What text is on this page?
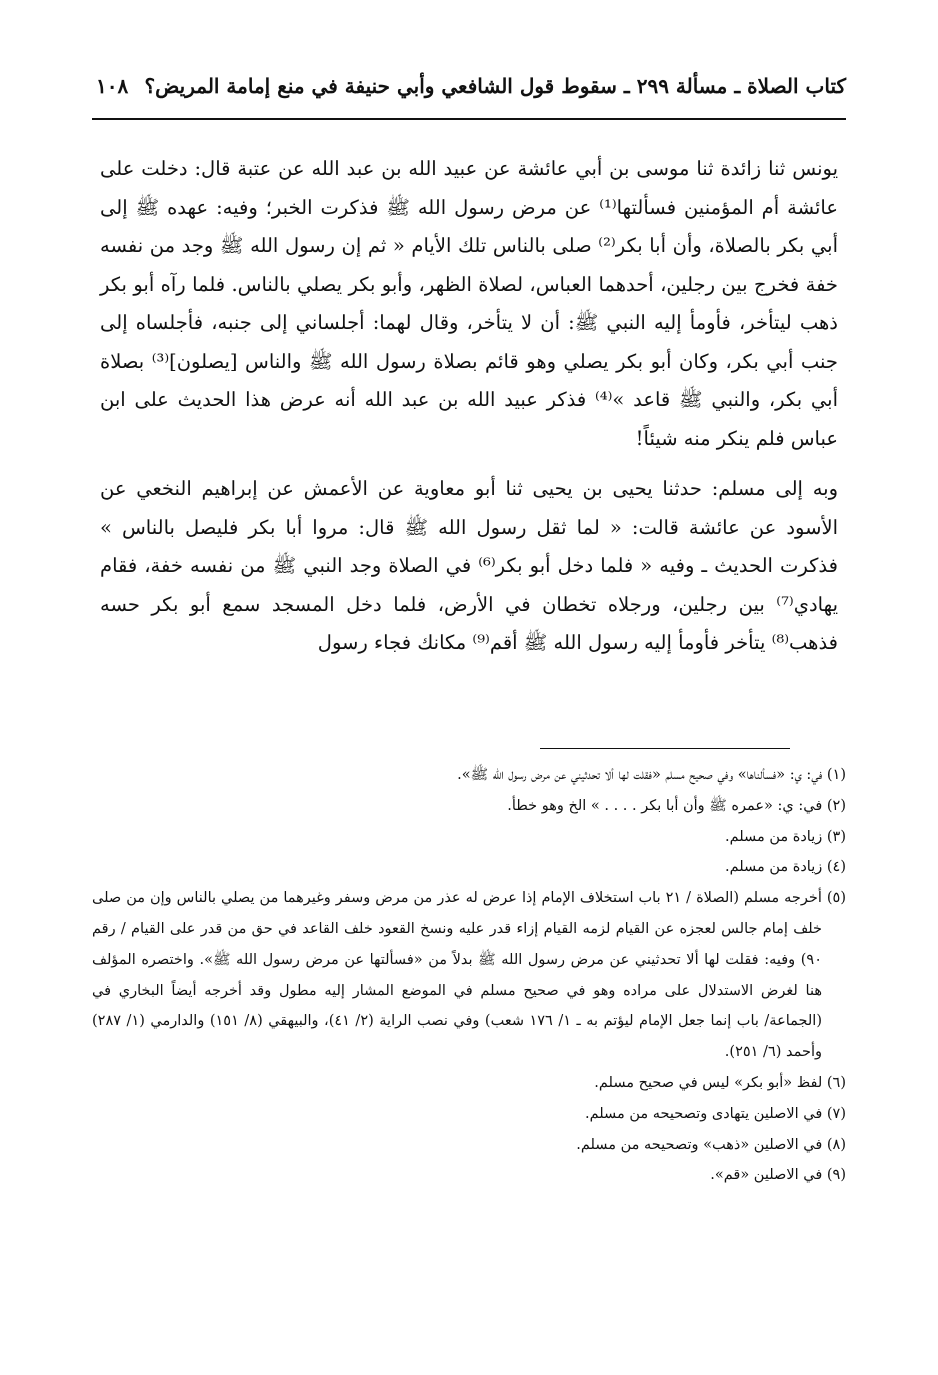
كتاب الصلاة ـ مسألة ٢٩٩ ـ سقوط قول الشافعي وأبي حنيفة في منع إمامة المريض؟
١٠٨

يونس ثنا زائدة ثنا موسى بن أبي عائشة عن عبيد الله بن عبد الله عن عتبة قال: دخلت على عائشة أم المؤمنين فسألتها⁽¹⁾ عن مرض رسول الله ﷺ فذكرت الخبر؛ وفيه: عهده ﷺ إلى أبي بكر بالصلاة، وأن أبا بكر⁽²⁾ صلى بالناس تلك الأيام « ثم إن رسول الله ﷺ وجد من نفسه خفة فخرج بين رجلين، أحدهما العباس، لصلاة الظهر، وأبو بكر يصلي بالناس. فلما رآه أبو بكر ذهب ليتأخر، فأومأ إليه النبي ﷺ: أن لا يتأخر، وقال لهما: أجلساني إلى جنبه، فأجلساه إلى جنب أبي بكر، وكان أبو بكر يصلي وهو قائم بصلاة رسول الله ﷺ والناس [يصلون]⁽³⁾ بصلاة أبي بكر، والنبي ﷺ قاعد »⁽⁴⁾ فذكر عبيد الله بن عبد الله أنه عرض هذا الحديث على ابن عباس فلم ينكر منه شيئاً!

وبه إلى مسلم: حدثنا يحيى بن يحيى ثنا أبو معاوية عن الأعمش عن إبراهيم النخعي عن الأسود عن عائشة قالت: « لما ثقل رسول الله ﷺ قال: مروا أبا بكر فليصل بالناس » فذكرت الحديث ـ وفيه « فلما دخل أبو بكر⁽⁶⁾ في الصلاة وجد النبي ﷺ من نفسه خفة، فقام يهادي⁽⁷⁾ بين رجلين، ورجلاه تخطان في الأرض، فلما دخل المسجد سمع أبو بكر حسه فذهب⁽⁸⁾ يتأخر فأومأ إليه رسول الله ﷺ أقم⁽⁹⁾ مكانك فجاء رسول

(١) في: ي: «فسألناها» وفي صحيح مسلم «فقلت لها ألا تحدثيني عن مرض رسول الله ﷺ».

(٢) في: ي: «عمره ﷺ وأن أبا بكر . . . . » الخ وهو خطأ.

(٣) زيادة من مسلم.

(٤) زيادة من مسلم.

(٥) أخرجه مسلم (الصلاة / ٢١ باب استخلاف الإمام إذا عرض له عذر من مرض وسفر وغيرهما من يصلي بالناس وإن من صلى خلف إمام جالس لعجزه عن القيام لزمه القيام إزاء قدر عليه ونسخ القعود خلف القاعد في حق من قدر على القيام / رقم ٩٠) وفيه: فقلت لها ألا تحدثيني عن مرض رسول الله ﷺ بدلاً من «فسألتها عن مرض رسول الله ﷺ». واختصره المؤلف هنا لغرض الاستدلال على مراده وهو في صحيح مسلم في الموضع المشار إليه مطول وقد أخرجه أيضاً البخاري في (الجماعة/ باب إنما جعل الإمام ليؤتم به ـ ١/ ١٧٦ شعب) وفي نصب الراية (٢/ ٤١)، والبيهقي (٨/ ١٥١) والدارمي (١/ ٢٨٧) وأحمد (٦/ ٢٥١).

(٦) لفظ «أبو بكر» ليس في صحيح مسلم.

(٧) في الاصلين يتهادى وتصحيحه من مسلم.

(٨) في الاصلين «ذهب» وتصحيحه من مسلم.

(٩) في الاصلين «قم».
